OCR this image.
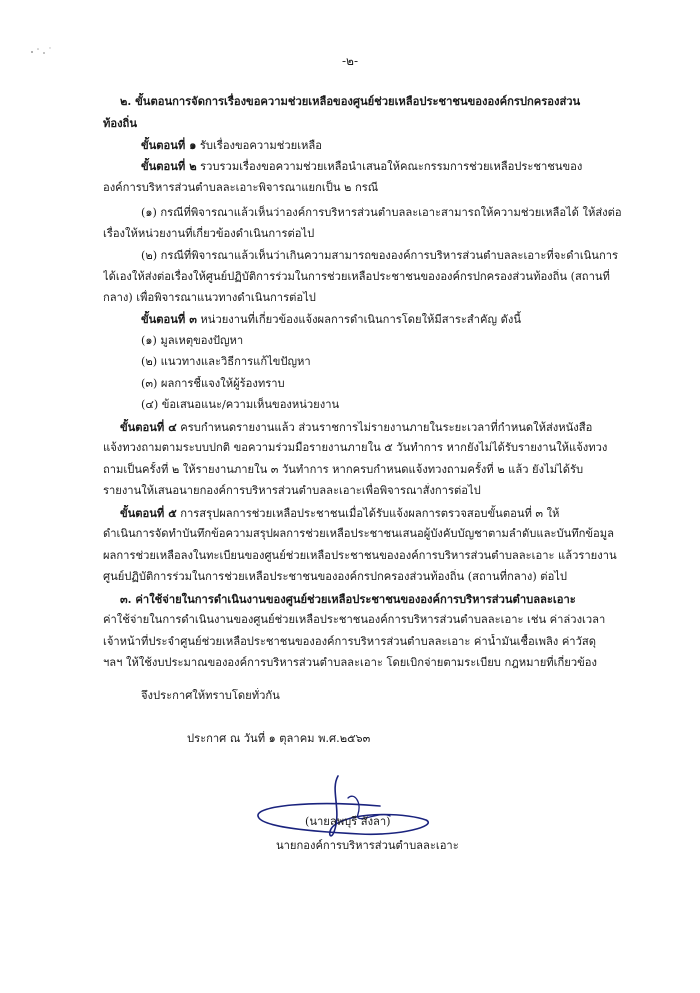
-๒-
๒. ขั้นตอนการจัดการเรื่องขอความช่วยเหลือของศูนย์ช่วยเหลือประชาชนขององค์กรปกครองส่วน
ท้องถิ่น
ขั้นตอนที่ ๑ รับเรื่องขอความช่วยเหลือ
ขั้นตอนที่ ๒ รวบรวมเรื่องขอความช่วยเหลือนำเสนอให้คณะกรรมการช่วยเหลือประชาชนของ
องค์การบริหารส่วนตำบลละเอาะพิจารณาแยกเป็น ๒ กรณี
(๑) กรณีที่พิจารณาแล้วเห็นว่าองค์การบริหารส่วนตำบลละเอาะสามารถให้ความช่วยเหลือได้ ให้ส่งต่อ
เรื่องให้หน่วยงานที่เกี่ยวข้องดำเนินการต่อไป
(๒) กรณีที่พิจารณาแล้วเห็นว่าเกินความสามารถขององค์การบริหารส่วนตำบลละเอาะที่จะดำเนินการ
ได้เองให้ส่งต่อเรื่องให้ศูนย์ปฏิบัติการร่วมในการช่วยเหลือประชาชนขององค์กรปกครองส่วนท้องถิ่น (สถานที่
กลาง) เพื่อพิจารณาแนวทางดำเนินการต่อไป
ขั้นตอนที่ ๓ หน่วยงานที่เกี่ยวข้องแจ้งผลการดำเนินการโดยให้มีสาระสำคัญ ดังนี้
(๑) มูลเหตุของปัญหา
(๒) แนวทางและวิธีการแก้ไขปัญหา
(๓) ผลการชี้แจงให้ผู้ร้องทราบ
(๔) ข้อเสนอแนะ/ความเห็นของหน่วยงาน
ขั้นตอนที่ ๔ ครบกำหนดรายงานแล้ว ส่วนราชการไม่รายงานภายในระยะเวลาที่กำหนดให้ส่งหนังสือ
แจ้งทวงถามตามระบบปกติ ขอความร่วมมือรายงานภายใน ๕ วันทำการ หากยังไม่ได้รับรายงานให้แจ้งทวง
ถามเป็นครั้งที่ ๒ ให้รายงานภายใน ๓ วันทำการ หากครบกำหนดแจ้งทวงถามครั้งที่ ๒ แล้ว ยังไม่ได้รับ
รายงานให้เสนอนายกองค์การบริหารส่วนตำบลละเอาะเพื่อพิจารณาสั่งการต่อไป
ขั้นตอนที่ ๕ การสรุปผลการช่วยเหลือประชาชนเมื่อได้รับแจ้งผลการตรวจสอบขั้นตอนที่ ๓ ให้
ดำเนินการจัดทำบันทึกข้อความสรุปผลการช่วยเหลือประชาชนเสนอผู้บังคับบัญชาตามลำดับและบันทึกข้อมูล
ผลการช่วยเหลือลงในทะเบียนของศูนย์ช่วยเหลือประชาชนขององค์การบริหารส่วนตำบลละเอาะ แล้วรายงาน
ศูนย์ปฏิบัติการร่วมในการช่วยเหลือประชาชนขององค์กรปกครองส่วนท้องถิ่น (สถานที่กลาง) ต่อไป
๓. ค่าใช้จ่ายในการดำเนินงานของศูนย์ช่วยเหลือประชาชนขององค์การบริหารส่วนตำบลละเอาะ
ค่าใช้จ่ายในการดำเนินงานของศูนย์ช่วยเหลือประชาชนองค์การบริหารส่วนตำบลละเอาะ เช่น ค่าล่วงเวลา
เจ้าหน้าที่ประจำศูนย์ช่วยเหลือประชาชนขององค์การบริหารส่วนตำบลละเอาะ ค่าน้ำมันเชื้อเพลิง ค่าวัสดุ
ฯลฯ ให้ใช้งบประมาณขององค์การบริหารส่วนตำบลละเอาะ โดยเบิกจ่ายตามระเบียบ กฎหมายที่เกี่ยวข้อง
จึงประกาศให้ทราบโดยทั่วกัน
ประกาศ ณ วันที่ ๑ ตุลาคม พ.ศ.๒๕๖๓
(นายลพบุรี สังลา)
นายกองค์การบริหารส่วนตำบลละเอาะ
